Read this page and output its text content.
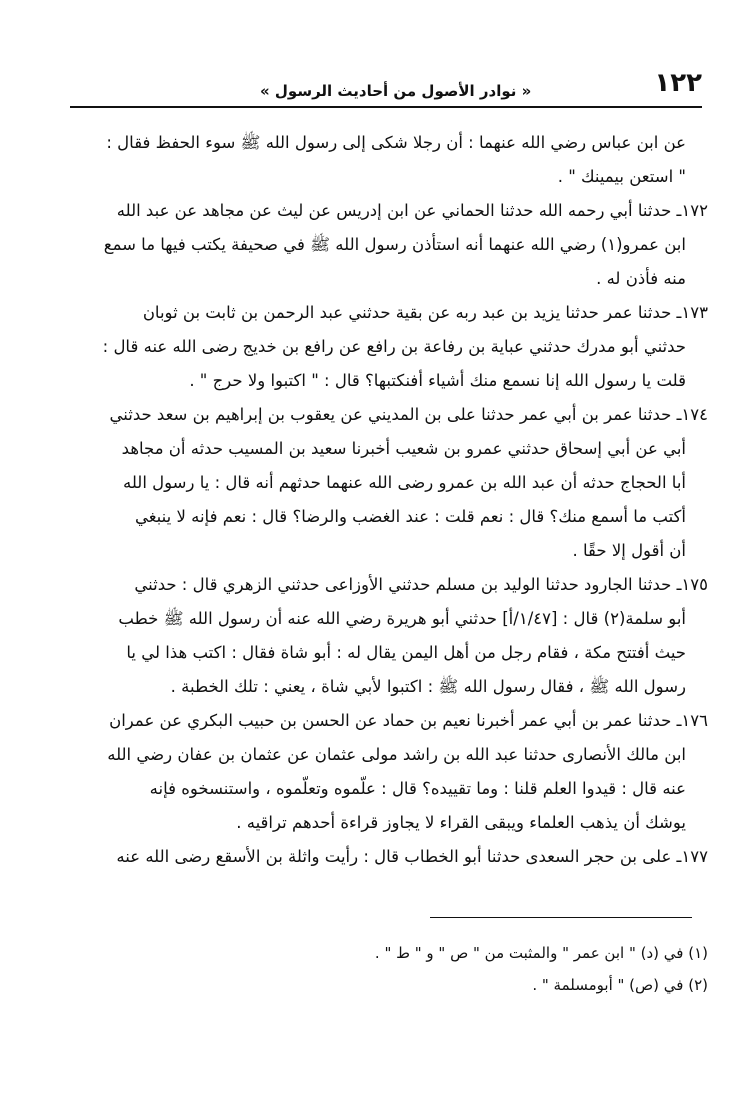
١٢٢
« نوادر الأصول من أحاديث الرسول »
عن ابن عباس رضي الله عنهما : أن رجلا شكى إلى رسول الله ﷺ سوء الحفظ فقال :
" استعن بيمينك " .
١٧٢ـ حدثنا أبي رحمه الله حدثنا الحماني عن ابن إدريس عن ليث عن مجاهد عن عبد الله
ابن عمرو(١) رضي الله عنهما أنه استأذن رسول الله ﷺ في صحيفة يكتب فيها ما سمع
منه فأذن له .
١٧٣ـ حدثنا عمر حدثنا يزيد بن عبد ربه عن بقية حدثني عبد الرحمن بن ثابت بن ثوبان
حدثني أبو مدرك حدثني عباية بن رفاعة بن رافع عن رافع بن خديج رضى الله عنه قال :
قلت يا رسول الله إنا نسمع منك أشياء أفنكتبها؟ قال : " اكتبوا ولا حرج " .
١٧٤ـ حدثنا عمر بن أبي عمر حدثنا على بن المديني عن يعقوب بن إبراهيم بن سعد حدثني
أبي عن أبي إسحاق حدثني عمرو بن شعيب أخبرنا سعيد بن المسيب حدثه أن مجاهد
أبا الحجاج حدثه أن عبد الله بن عمرو رضى الله عنهما حدثهم أنه قال : يا رسول الله
أكتب ما أسمع منك؟ قال : نعم قلت : عند الغضب والرضا؟ قال : نعم فإنه لا ينبغي
أن أقول إلا حقًا .
١٧٥ـ حدثنا الجارود حدثنا الوليد بن مسلم حدثني الأوزاعى حدثني الزهري قال : حدثني
أبو سلمة(٢) قال : [١/٤٧/أ] حدثني أبو هريرة رضي الله عنه أن رسول الله ﷺ خطب
حيث أفتتح مكة ، فقام رجل من أهل اليمن يقال له : أبو شاة فقال : اكتب هذا لي يا
رسول الله ﷺ ، فقال رسول الله ﷺ : اكتبوا لأبي شاة ، يعني : تلك الخطبة .
١٧٦ـ حدثنا عمر بن أبي عمر أخبرنا نعيم بن حماد عن الحسن بن حبيب البكري عن عمران
ابن مالك الأنصارى حدثنا عبد الله بن راشد مولى عثمان عن عثمان بن عفان رضي الله
عنه قال : قيدوا العلم قلنا : وما تقييده؟ قال : علّموه وتعلّموه ، واستنسخوه فإنه
يوشك أن يذهب العلماء ويبقى القراء لا يجاوز قراءة أحدهم تراقيه .
١٧٧ـ على بن حجر السعدى حدثنا أبو الخطاب قال : رأيت واثلة بن الأسقع رضى الله عنه
(١) في (د) " ابن عمر " والمثبت من " ص " و " ط " .
(٢) في (ص) " أبومسلمة " .
